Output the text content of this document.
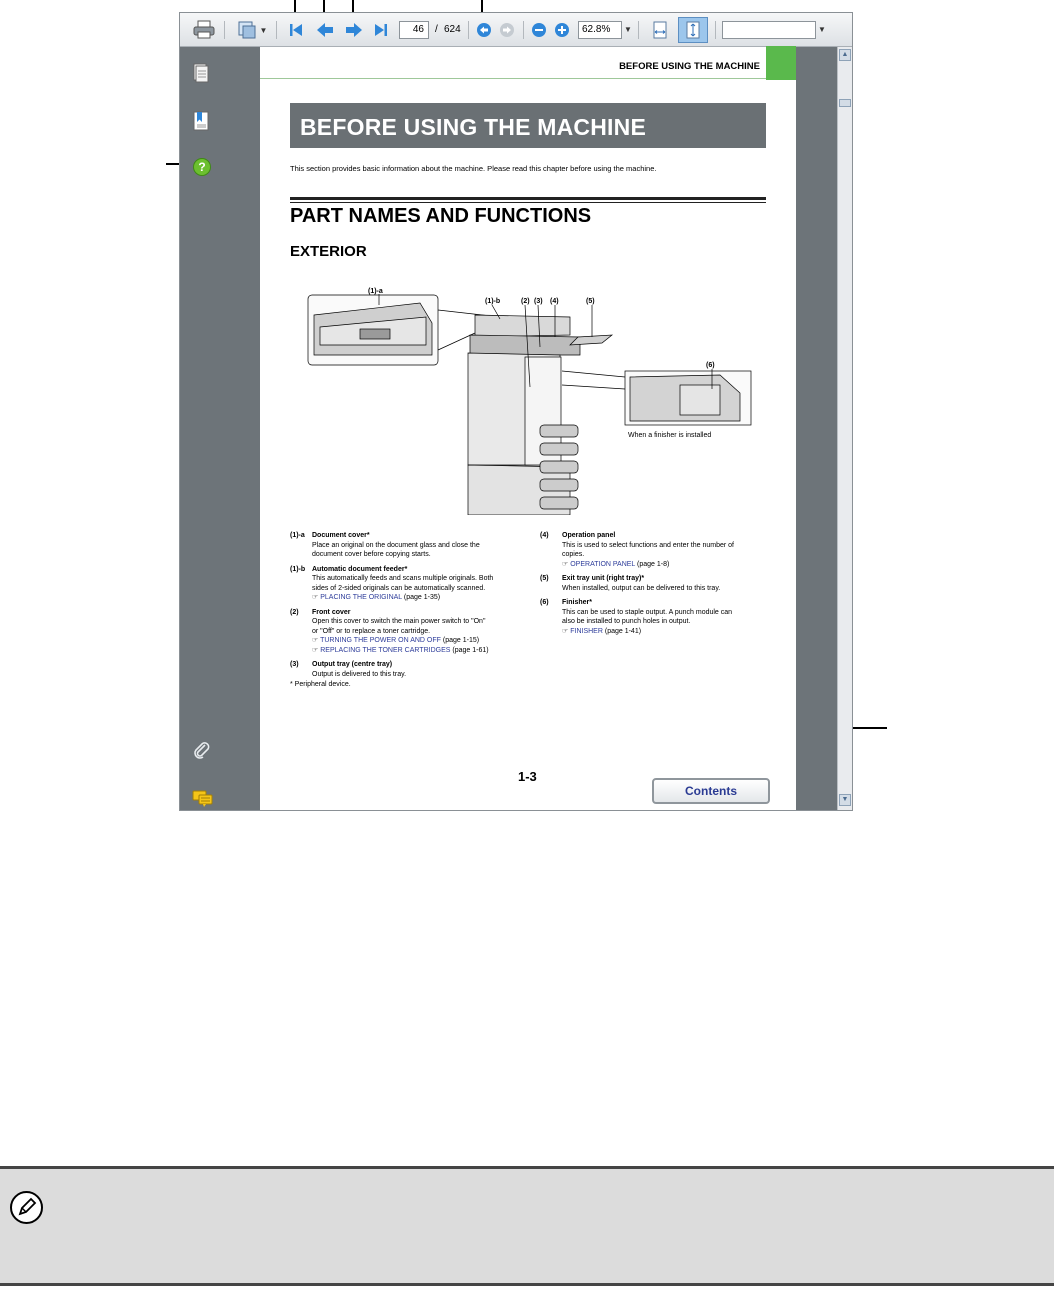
▼	46	/ 624	62.8%	▼	▼
?
BEFORE USING THE MACHINE
BEFORE USING THE MACHINE
This section provides basic information about the machine. Please read this chapter before using the machine.
PART NAMES AND FUNCTIONS
EXTERIOR
(1)-a
(1)-b	(2) (3) (4)	(5)
(6)
When a finisher is installed
(1)-a	Document cover*
Place an original on the document glass and close the
document cover before copying starts.
(1)-b Automatic document feeder*
This automatically feeds and scans multiple originals. Both
sides of 2-sided originals can be automatically scanned.
☞ PLACING THE ORIGINAL (page 1-35)
(2)	Front cover
Open this cover to switch the main power switch to "On"
or "Off" or to replace a toner cartridge.
☞ TURNING THE POWER ON AND OFF (page 1-15)
☞ REPLACING THE TONER CARTRIDGES (page 1-61)
(3)	Output tray (centre tray)
Output is delivered to this tray.
* Peripheral device.
(4)	Operation panel
This is used to select functions and enter the number of
copies.
☞ OPERATION PANEL (page 1-8)
(5)	Exit tray unit (right tray)*
When installed, output can be delivered to this tray.
(6)	Finisher*
This can be used to staple output. A punch module can
also be installed to punch holes in output.
☞ FINISHER (page 1-41)
1-3
Contents
▲
▼
